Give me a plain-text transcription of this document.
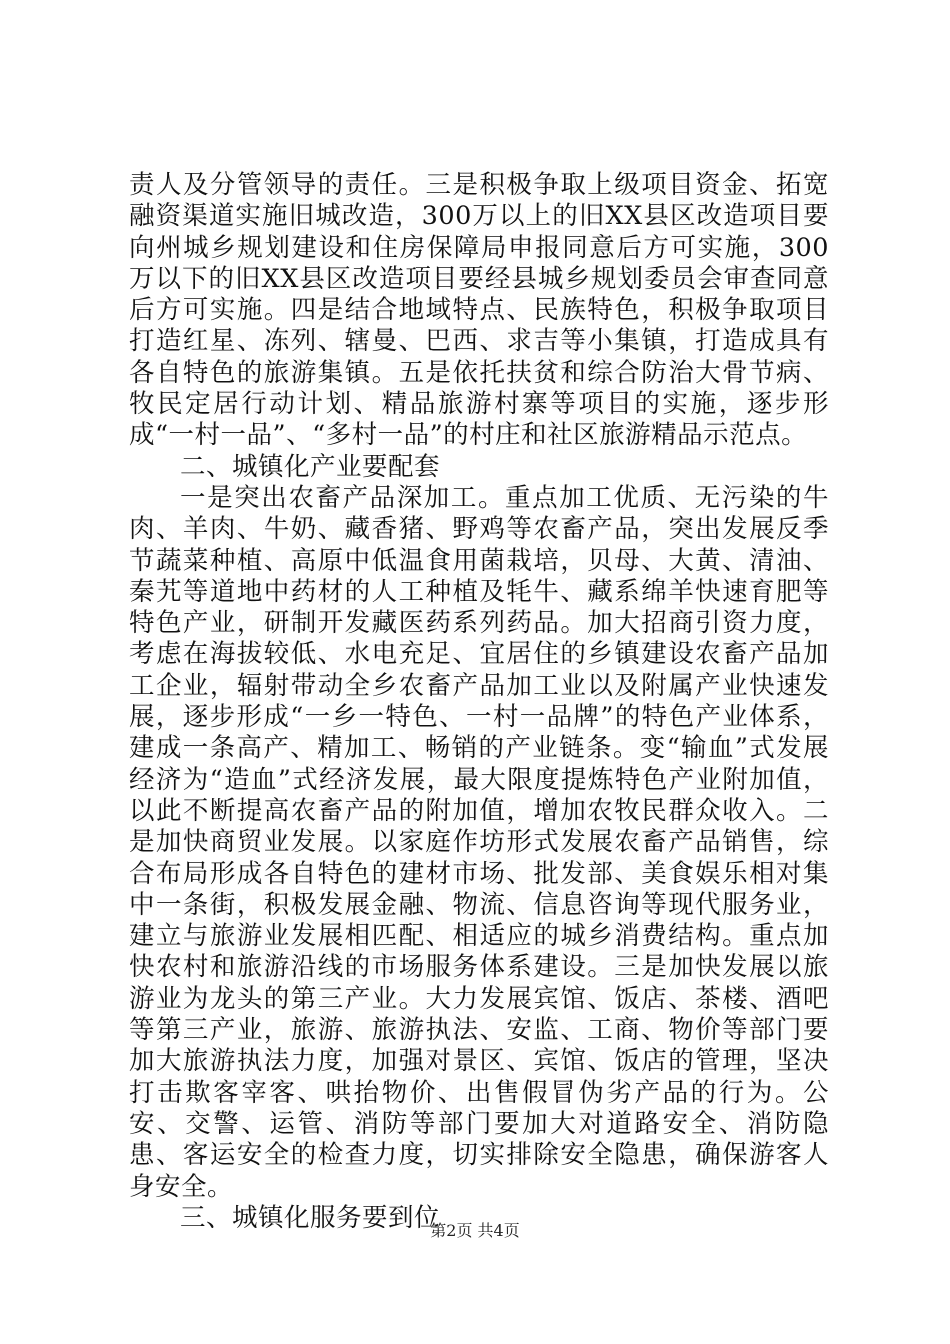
责人及分管领导的责任。三是积极争取上级项目资金、拓宽融资渠道实施旧城改造，300万以上的旧XX县区改造项目要向州城乡规划建设和住房保障局申报同意后方可实施，300万以下的旧XX县区改造项目要经县城乡规划委员会审查同意后方可实施。四是结合地域特点、民族特色，积极争取项目打造红星、冻列、辖曼、巴西、求吉等小集镇，打造成具有各自特色的旅游集镇。五是依托扶贫和综合防治大骨节病、牧民定居行动计划、精品旅游村寨等项目的实施，逐步形成“一村一品”、“多村一品”的村庄和社区旅游精品示范点。

二、城镇化产业要配套

一是突出农畜产品深加工。重点加工优质、无污染的牛肉、羊肉、牛奶、藏香猪、野鸡等农畜产品，突出发展反季节蔬菜种植、高原中低温食用菌栽培，贝母、大黄、清油、秦艽等道地中药材的人工种植及牦牛、藏系绵羊快速育肥等特色产业，研制开发藏医药系列药品。加大招商引资力度，考虑在海拔较低、水电充足、宜居住的乡镇建设农畜产品加工企业，辐射带动全乡农畜产品加工业以及附属产业快速发展，逐步形成“一乡一特色、一村一品牌”的特色产业体系，建成一条高产、精加工、畅销的产业链条。变“输血”式发展经济为“造血”式经济发展，最大限度提炼特色产业附加值，以此不断提高农畜产品的附加值，增加农牧民群众收入。二是加快商贸业发展。以家庭作坊形式发展农畜产品销售，综合布局形成各自特色的建材市场、批发部、美食娱乐相对集中一条街，积极发展金融、物流、信息咨询等现代服务业，建立与旅游业发展相匹配、相适应的城乡消费结构。重点加快农村和旅游沿线的市场服务体系建设。三是加快发展以旅游业为龙头的第三产业。大力发展宾馆、饭店、茶楼、酒吧等第三产业，旅游、旅游执法、安监、工商、物价等部门要加大旅游执法力度，加强对景区、宾馆、饭店的管理，坚决打击欺客宰客、哄抬物价、出售假冒伪劣产品的行为。公安、交警、运管、消防等部门要加大对道路安全、消防隐患、客运安全的检查力度，切实排除安全隐患，确保游客人身安全。

三、城镇化服务要到位

第2页 共4页
